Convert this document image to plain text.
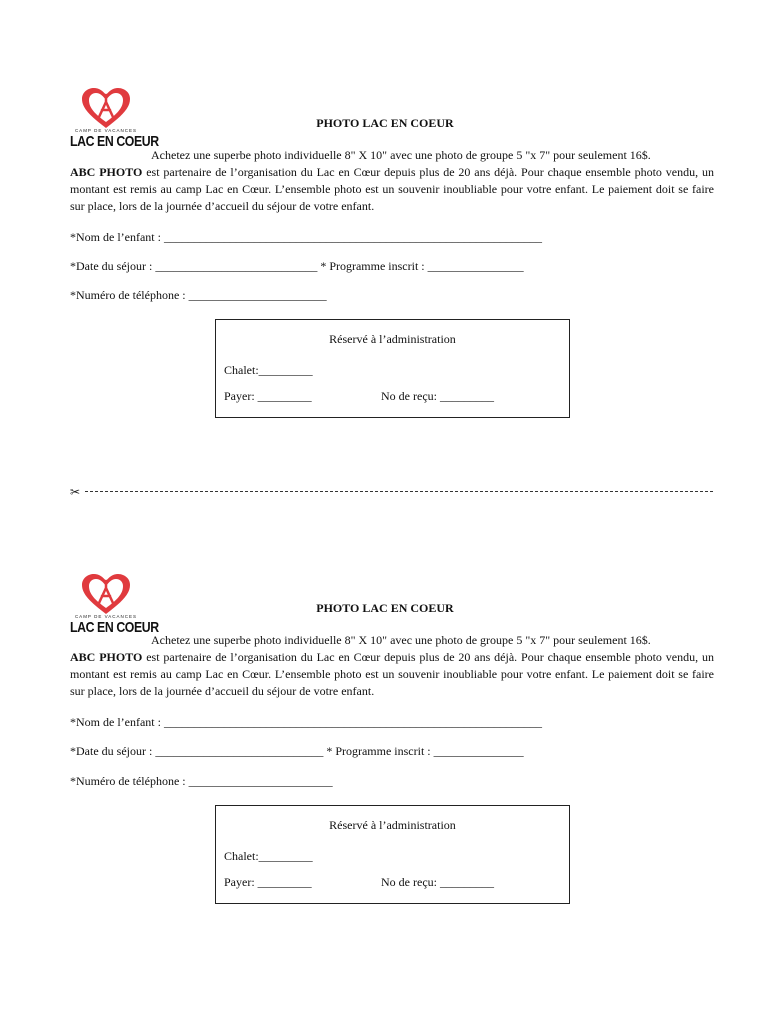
CAMP DE VACANCES
LAC EN COEUR
PHOTO LAC EN COEUR
Achetez une superbe photo individuelle 8" X 10" avec une photo de groupe 5 "x 7" pour seulement 16$.
ABC PHOTO est partenaire de l’organisation du Lac en Cœur depuis plus de 20 ans déjà. Pour chaque ensemble photo vendu, un montant est remis au camp Lac en Cœur. L’ensemble photo est un souvenir inoubliable pour votre enfant. Le paiement doit se faire sur place, lors de la journée d’accueil du séjour de votre enfant.
*Nom de l’enfant : _______________________________________________________________
*Date du séjour : ___________________________ * Programme inscrit : ________________
*Numéro de téléphone : _______________________
Réservé à l’administration
Chalet:_________
Payer: _________	No de reçu: _________
✂
CAMP DE VACANCES
LAC EN COEUR
PHOTO LAC EN COEUR
Achetez une superbe photo individuelle 8" X 10" avec une photo de groupe 5 "x 7" pour seulement 16$.
ABC PHOTO est partenaire de l’organisation du Lac en Cœur depuis plus de 20 ans déjà. Pour chaque ensemble photo vendu, un montant est remis au camp Lac en Cœur. L’ensemble photo est un souvenir inoubliable pour votre enfant. Le paiement doit se faire sur place, lors de la journée d’accueil du séjour de votre enfant.
*Nom de l’enfant : _______________________________________________________________
*Date du séjour : ____________________________ * Programme inscrit : _______________
*Numéro de téléphone : ________________________
Réservé à l’administration
Chalet:_________
Payer: _________	No de reçu: _________
